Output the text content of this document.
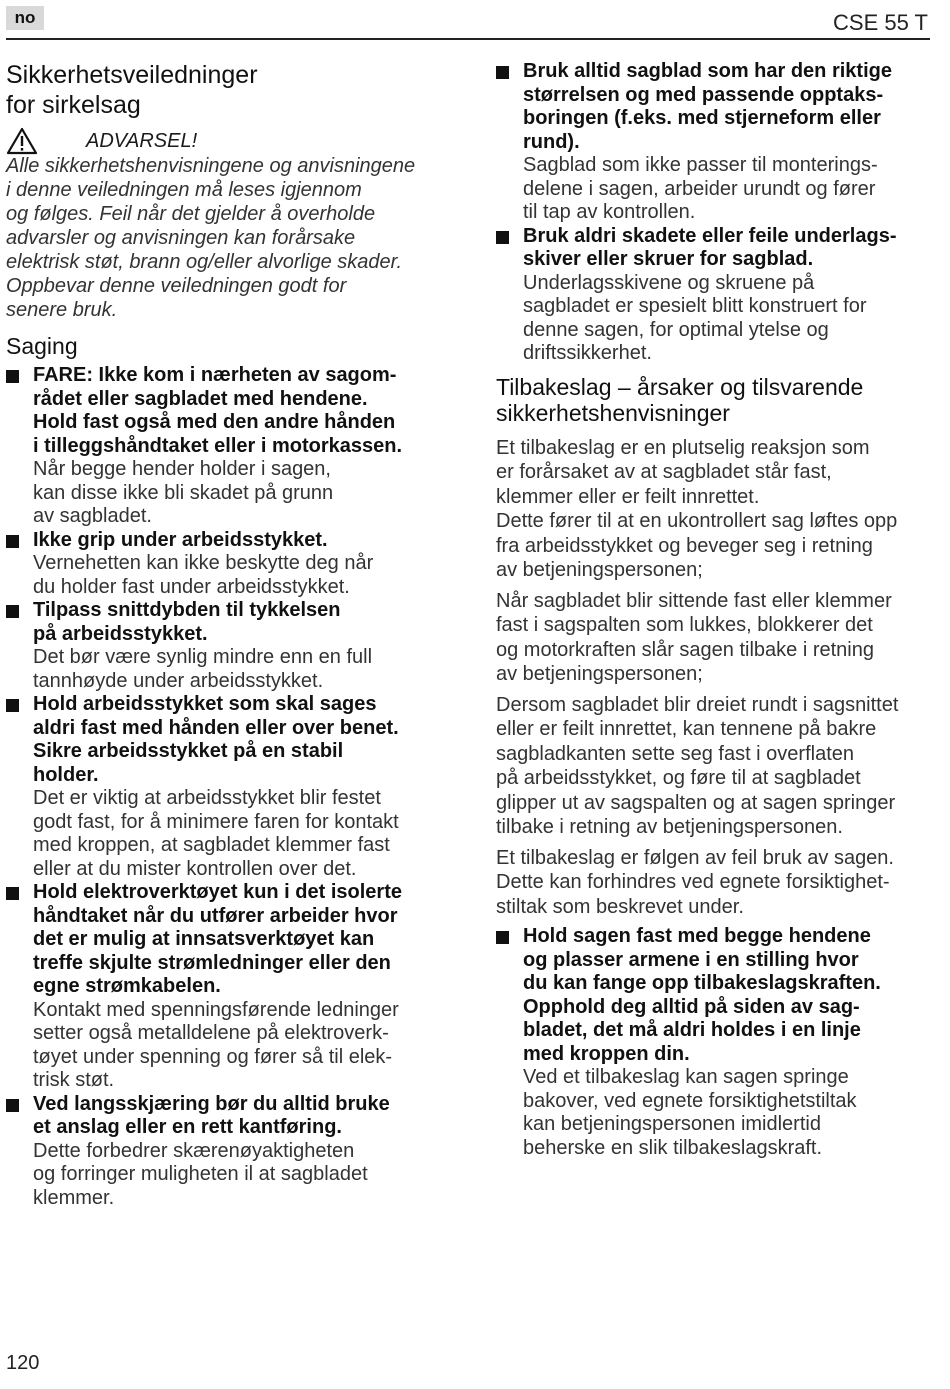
no	CSE 55 T
Sikkerhetsveiledninger
for sirkelsag
ADVARSEL!
Alle sikkerhetshenvisningene og anvisningene
i denne veiledningen må leses igjennom
og følges. Feil når det gjelder å overholde
advarsler og anvisningen kan forårsake
elektrisk støt, brann og/eller alvorlige skader.
Oppbevar denne veiledningen godt for
senere bruk.
Saging
FARE: Ikke kom i nærheten av sagom-
rådet eller sagbladet med hendene.
Hold fast også med den andre hånden
i tilleggshåndtaket eller i motorkassen.
Når begge hender holder i sagen,
kan disse ikke bli skadet på grunn
av sagbladet.
Ikke grip under arbeidsstykket.
Vernehetten kan ikke beskytte deg når
du holder fast under arbeidsstykket.
Tilpass snittdybden til tykkelsen
på arbeidsstykket.
Det bør være synlig mindre enn en full
tannhøyde under arbeidsstykket.
Hold arbeidsstykket som skal sages
aldri fast med hånden eller over benet.
Sikre arbeidsstykket på en stabil
holder.
Det er viktig at arbeidsstykket blir festet
godt fast, for å minimere faren for kontakt
med kroppen, at sagbladet klemmer fast
eller at du mister kontrollen over det.
Hold elektroverktøyet kun i det isolerte
håndtaket når du utfører arbeider hvor
det er mulig at innsatsverktøyet kan
treffe skjulte strømledninger eller den
egne strømkabelen.
Kontakt med spenningsførende ledninger
setter også metalldelene på elektroverk-
tøyet under spenning og fører så til elek-
trisk støt.
Ved langsskjæring bør du alltid bruke
et anslag eller en rett kantføring.
Dette forbedrer skærenøyaktigheten
og forringer muligheten il at sagbladet
klemmer.
Bruk alltid sagblad som har den riktige
størrelsen og med passende opptaks-
boringen (f.eks. med stjerneform eller
rund).
Sagblad som ikke passer til monterings-
delene i sagen, arbeider urundt og fører
til tap av kontrollen.
Bruk aldri skadete eller feile underlags-
skiver eller skruer for sagblad.
Underlagsskivene og skruene på
sagbladet er spesielt blitt konstruert for
denne sagen, for optimal ytelse og
driftssikkerhet.
Tilbakeslag – årsaker og tilsvarende
sikkerhetshenvisninger
Et tilbakeslag er en plutselig reaksjon som
er forårsaket av at sagbladet står fast,
klemmer eller er feilt innrettet.
Dette fører til at en ukontrollert sag løftes opp
fra arbeidsstykket og beveger seg i retning
av betjeningspersonen;
Når sagbladet blir sittende fast eller klemmer
fast i sagspalten som lukkes, blokkerer det
og motorkraften slår sagen tilbake i retning
av betjeningspersonen;
Dersom sagbladet blir dreiet rundt i sagsnittet
eller er feilt innrettet, kan tennene på bakre
sagbladkanten sette seg fast i overflaten
på arbeidsstykket, og føre til at sagbladet
glipper ut av sagspalten og at sagen springer
tilbake i retning av betjeningspersonen.
Et tilbakeslag er følgen av feil bruk av sagen.
Dette kan forhindres ved egnete forsiktighet-
stiltak som beskrevet under.
Hold sagen fast med begge hendene
og plasser armene i en stilling hvor
du kan fange opp tilbakeslagskraften.
Opphold deg alltid på siden av sag-
bladet, det må aldri holdes i en linje
med kroppen din.
Ved et tilbakeslag kan sagen springe
bakover, ved egnete forsiktighetstiltak
kan betjeningspersonen imidlertid
beherske en slik tilbakeslagskraft.
120
